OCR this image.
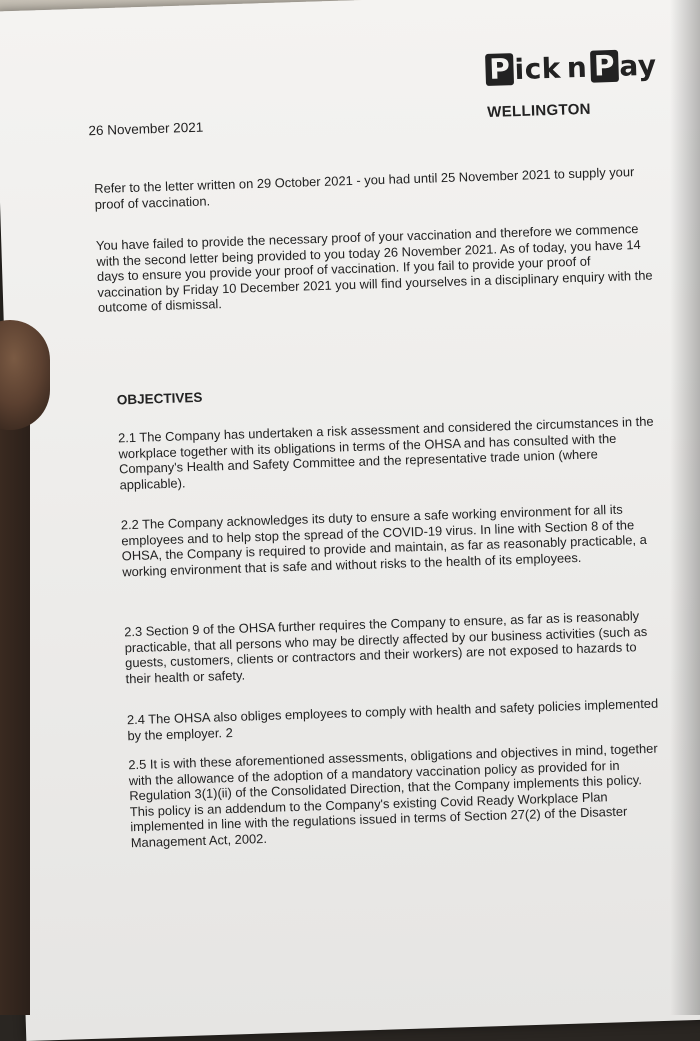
P ick n P ay
WELLINGTON
26 November 2021
Refer to the letter written on 29 October 2021 - you had until 25 November 2021 to supply your proof of vaccination.
You have failed to provide the necessary proof of your vaccination and therefore we commence with the second letter being provided to you today 26 November 2021. As of today, you have 14 days to ensure you provide your proof of vaccination. If you fail to provide your proof of vaccination by Friday 10 December 2021 you will find yourselves in a disciplinary enquiry with the outcome of dismissal.
OBJECTIVES
2.1 The Company has undertaken a risk assessment and considered the circumstances in the workplace together with its obligations in terms of the OHSA and has consulted with the Company's Health and Safety Committee and the representative trade union (where applicable).
2.2 The Company acknowledges its duty to ensure a safe working environment for all its employees and to help stop the spread of the COVID-19 virus. In line with Section 8 of the OHSA, the Company is required to provide and maintain, as far as reasonably practicable, a working environment that is safe and without risks to the health of its employees.
2.3 Section 9 of the OHSA further requires the Company to ensure, as far as is reasonably practicable, that all persons who may be directly affected by our business activities (such as guests, customers, clients or contractors and their workers) are not exposed to hazards to their health or safety.
2.4 The OHSA also obliges employees to comply with health and safety policies implemented by the employer. 2
2.5 It is with these aforementioned assessments, obligations and objectives in mind, together with the allowance of the adoption of a mandatory vaccination policy as provided for in Regulation 3(1)(ii) of the Consolidated Direction, that the Company implements this policy. This policy is an addendum to the Company's existing Covid Ready Workplace Plan implemented in line with the regulations issued in terms of Section 27(2) of the Disaster Management Act, 2002.
